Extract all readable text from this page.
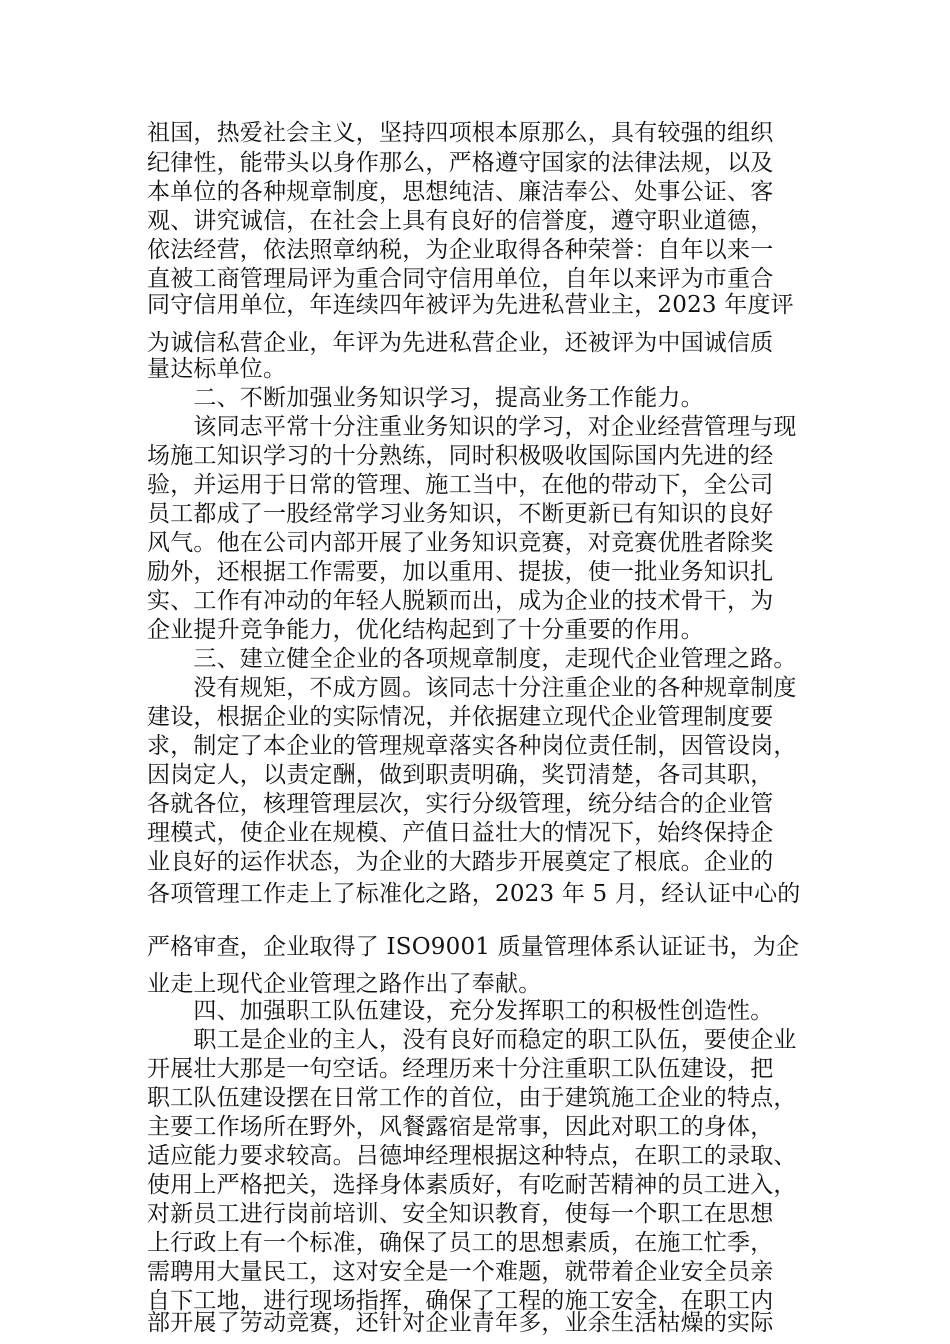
祖国，热爱社会主义，坚持四项根本原那么，具有较强的组织
纪律性，能带头以身作那么，严格遵守国家的法律法规，以及
本单位的各种规章制度，思想纯洁、廉洁奉公、处事公证、客
观、讲究诚信，在社会上具有良好的信誉度，遵守职业道德，
依法经营，依法照章纳税，为企业取得各种荣誉：自年以来一
直被工商管理局评为重合同守信用单位，自年以来评为市重合
同守信用单位，年连续四年被评为先进私营业主，2023 年度评
为诚信私营企业，年评为先进私营企业，还被评为中国诚信质
量达标单位。
　　二、不断加强业务知识学习，提高业务工作能力。
　　该同志平常十分注重业务知识的学习，对企业经营管理与现
场施工知识学习的十分熟练，同时积极吸收国际国内先进的经
验，并运用于日常的管理、施工当中，在他的带动下，全公司
员工都成了一股经常学习业务知识，不断更新已有知识的良好
风气。他在公司内部开展了业务知识竞赛，对竞赛优胜者除奖
励外，还根据工作需要，加以重用、提拔，使一批业务知识扎
实、工作有冲动的年轻人脱颖而出，成为企业的技术骨干，为
企业提升竞争能力，优化结构起到了十分重要的作用。
　　三、建立健全企业的各项规章制度，走现代企业管理之路。
　　没有规矩，不成方圆。该同志十分注重企业的各种规章制度
建设，根据企业的实际情况，并依据建立现代企业管理制度要
求，制定了本企业的管理规章落实各种岗位责任制，因管设岗，
因岗定人，以责定酬，做到职责明确，奖罚清楚，各司其职，
各就各位，核理管理层次，实行分级管理，统分结合的企业管
理模式，使企业在规模、产值日益壮大的情况下，始终保持企
业良好的运作状态，为企业的大踏步开展奠定了根底。企业的
各项管理工作走上了标准化之路，2023 年 5 月，经认证中心的
严格审查，企业取得了 ISO9001 质量管理体系认证证书，为企
业走上现代企业管理之路作出了奉献。
　　四、加强职工队伍建设，充分发挥职工的积极性创造性。
　　职工是企业的主人，没有良好而稳定的职工队伍，要使企业
开展壮大那是一句空话。经理历来十分注重职工队伍建设，把
职工队伍建设摆在日常工作的首位，由于建筑施工企业的特点，
主要工作场所在野外，风餐露宿是常事，因此对职工的身体，
适应能力要求较高。吕德坤经理根据这种特点，在职工的录取、
使用上严格把关，选择身体素质好，有吃耐苦精神的员工进入，
对新员工进行岗前培训、安全知识教育，使每一个职工在思想
上行政上有一个标准，确保了员工的思想素质，在施工忙季，
需聘用大量民工，这对安全是一个难题，就带着企业安全员亲
自下工地，进行现场指挥，确保了工程的施工安全，在职工内
部开展了劳动竞赛，还针对企业青年多，业余生活枯燥的实际
